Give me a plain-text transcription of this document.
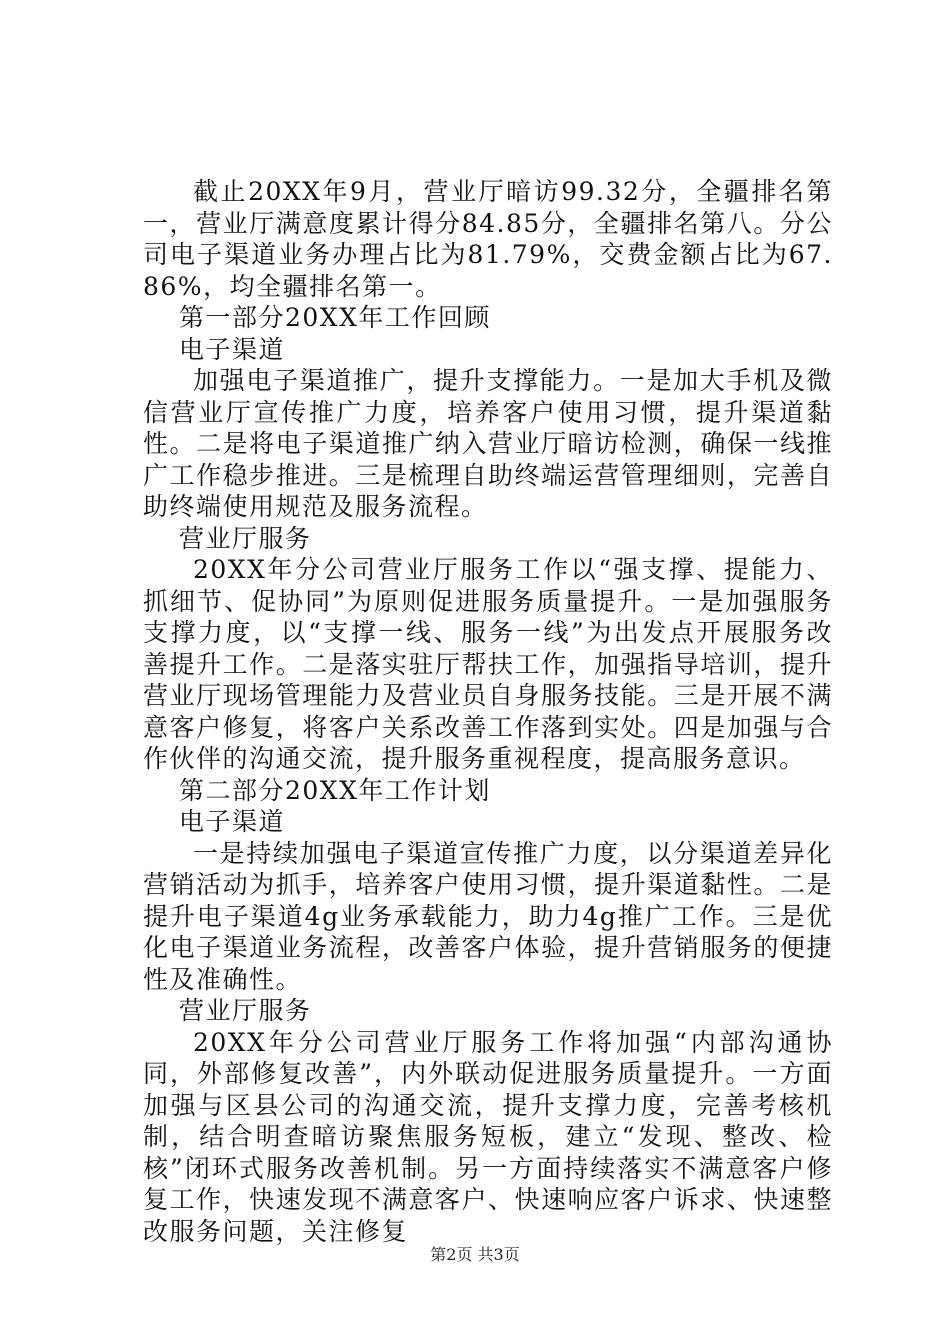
截止20XX年9月，营业厅暗访99.32分，全疆排名第一，营业厅满意度累计得分84.85分，全疆排名第八。分公司电子渠道业务办理占比为81.79%，交费金额占比为67.86%，均全疆排名第一。

第一部分20XX年工作回顾

电子渠道

加强电子渠道推广，提升支撑能力。一是加大手机及微信营业厅宣传推广力度，培养客户使用习惯，提升渠道黏性。二是将电子渠道推广纳入营业厅暗访检测，确保一线推广工作稳步推进。三是梳理自助终端运营管理细则，完善自助终端使用规范及服务流程。

营业厅服务

20XX年分公司营业厅服务工作以“强支撑、提能力、抓细节、促协同”为原则促进服务质量提升。一是加强服务支撑力度，以“支撑一线、服务一线”为出发点开展服务改善提升工作。二是落实驻厅帮扶工作，加强指导培训，提升营业厅现场管理能力及营业员自身服务技能。三是开展不满意客户修复，将客户关系改善工作落到实处。四是加强与合作伙伴的沟通交流，提升服务重视程度，提高服务意识。

第二部分20XX年工作计划

电子渠道

一是持续加强电子渠道宣传推广力度，以分渠道差异化营销活动为抓手，培养客户使用习惯，提升渠道黏性。二是提升电子渠道4g业务承载能力，助力4g推广工作。三是优化电子渠道业务流程，改善客户体验，提升营销服务的便捷性及准确性。

营业厅服务

20XX年分公司营业厅服务工作将加强“内部沟通协同，外部修复改善”，内外联动促进服务质量提升。一方面加强与区县公司的沟通交流，提升支撑力度，完善考核机制，结合明查暗访聚焦服务短板，建立“发现、整改、检核”闭环式服务改善机制。另一方面持续落实不满意客户修复工作，快速发现不满意客户、快速响应客户诉求、快速整改服务问题，关注修复

第2页 共3页
